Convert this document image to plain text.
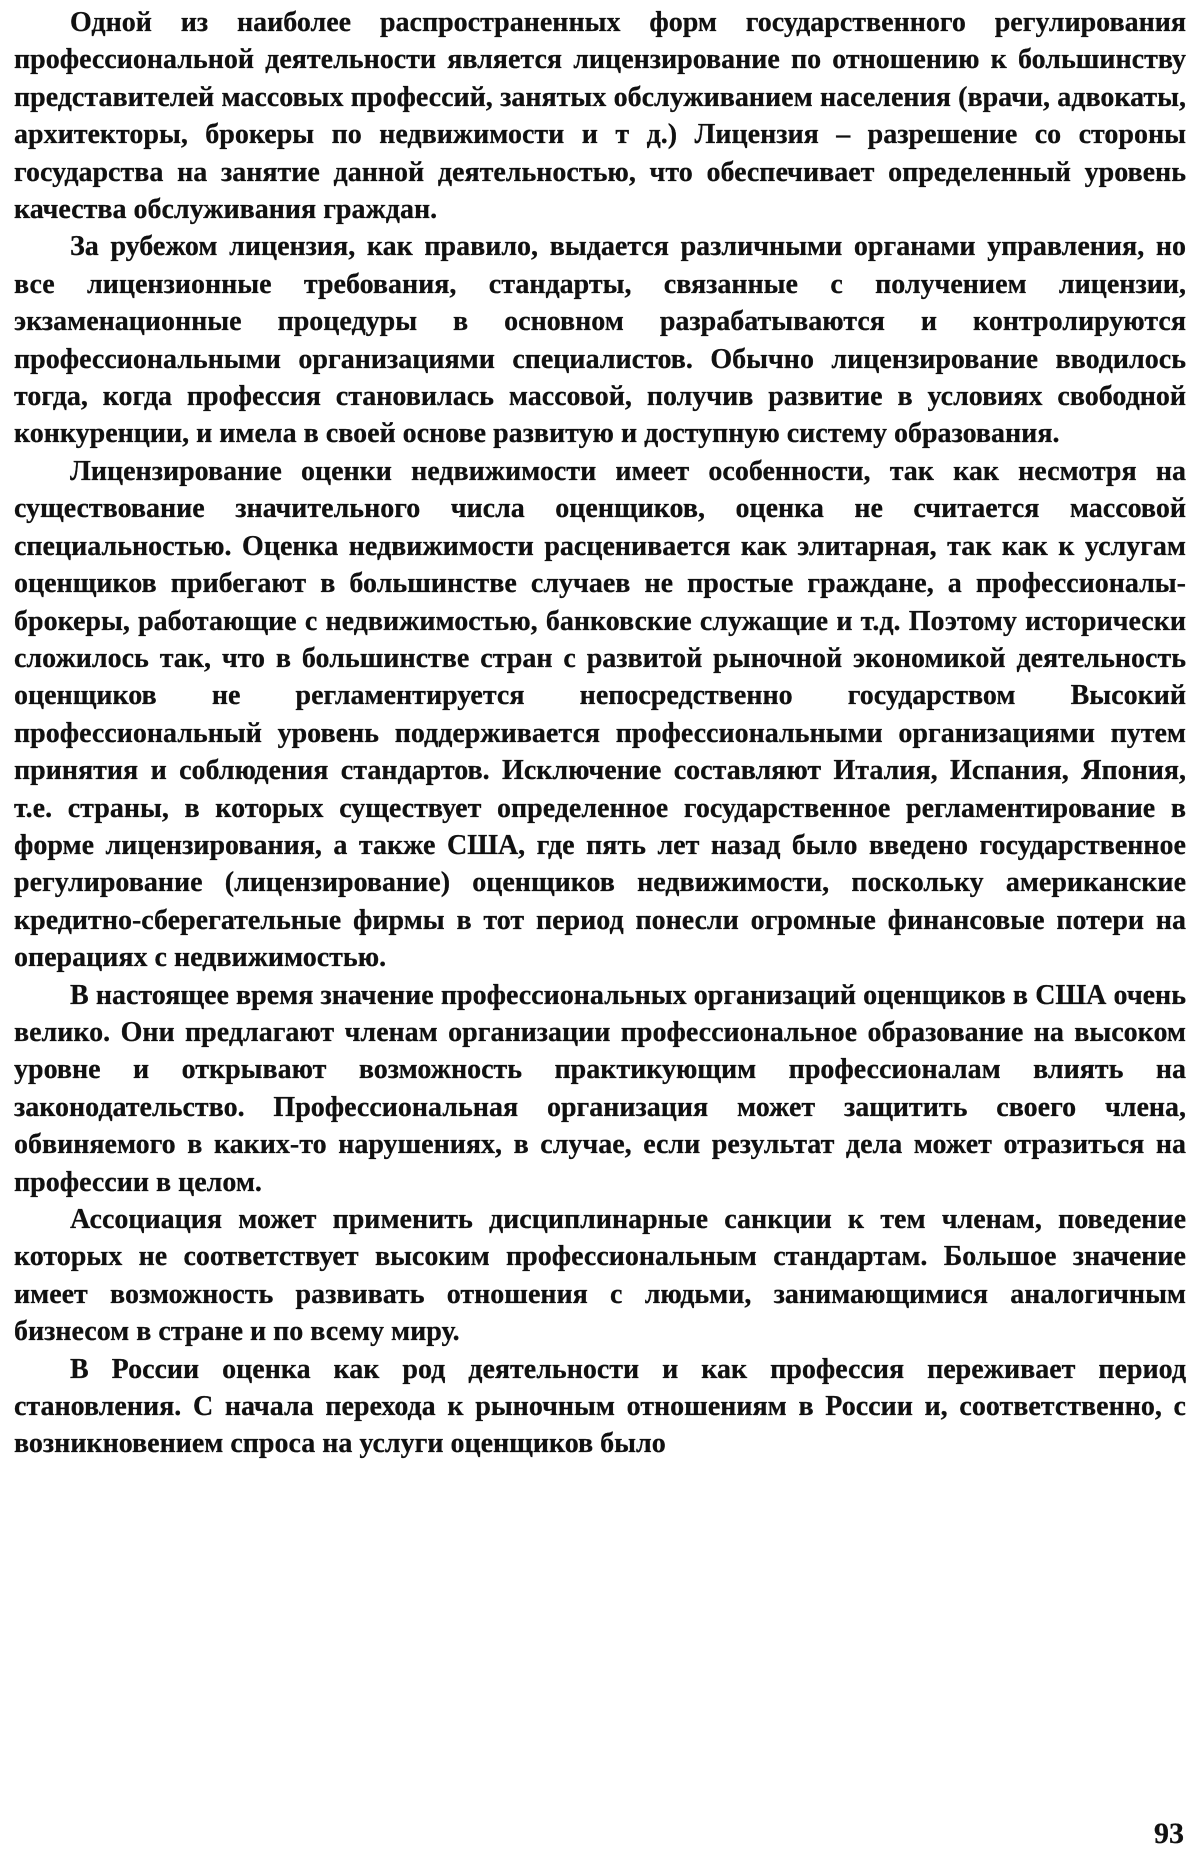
Одной из наиболее распространенных форм государственного регулирования профессиональной деятельности является лицензирование по отношению к большинству представителей массовых профессий, занятых обслуживанием населения (врачи, адвокаты, архитекторы, брокеры по недвижимости и т д.) Лицензия – разрешение со стороны государства на занятие данной деятельностью, что обеспечивает определенный уровень качества обслуживания граждан.

За рубежом лицензия, как правило, выдается различными органами управления, но все лицензионные требования, стандарты, связанные с получением лицензии, экзаменационные процедуры в основном разрабатываются и контролируются профессиональными организациями специалистов. Обычно лицензирование вводилось тогда, когда профессия становилась массовой, получив развитие в условиях свободной конкуренции, и имела в своей основе развитую и доступную систему образования.

Лицензирование оценки недвижимости имеет особенности, так как несмотря на существование значительного числа оценщиков, оценка не считается массовой специальностью. Оценка недвижимости расценивается как элитарная, так как к услугам оценщиков прибегают в большинстве случаев не простые граждане, а профессионалы-брокеры, работающие с недвижимостью, банковские служащие и т.д. Поэтому исторически сложилось так, что в большинстве стран с развитой рыночной экономикой деятельность оценщиков не регламентируется непосредственно государством Высокий профессиональный уровень поддерживается профессиональными организациями путем принятия и соблюдения стандартов. Исключение составляют Италия, Испания, Япония, т.е. страны, в которых существует определенное государственное регламентирование в форме лицензирования, а также США, где пять лет назад было введено государственное регулирование (лицензирование) оценщиков недвижимости, поскольку американские кредитно-сберегательные фирмы в тот период понесли огромные финансовые потери на операциях с недвижимостью.

В настоящее время значение профессиональных организаций оценщиков в США очень велико. Они предлагают членам организации профессиональное образование на высоком уровне и открывают возможность практикующим профессионалам влиять на законодательство. Профессиональная организация может защитить своего члена, обвиняемого в каких-то нарушениях, в случае, если результат дела может отразиться на профессии в целом.

Ассоциация может применить дисциплинарные санкции к тем членам, поведение которых не соответствует высоким профессиональным стандартам. Большое значение имеет возможность развивать отношения с людьми, занимающимися аналогичным бизнесом в стране и по всему миру.

В России оценка как род деятельности и как профессия переживает период становления. С начала перехода к рыночным отношениям в России и, соответственно, с возникновением спроса на услуги оценщиков было

93
